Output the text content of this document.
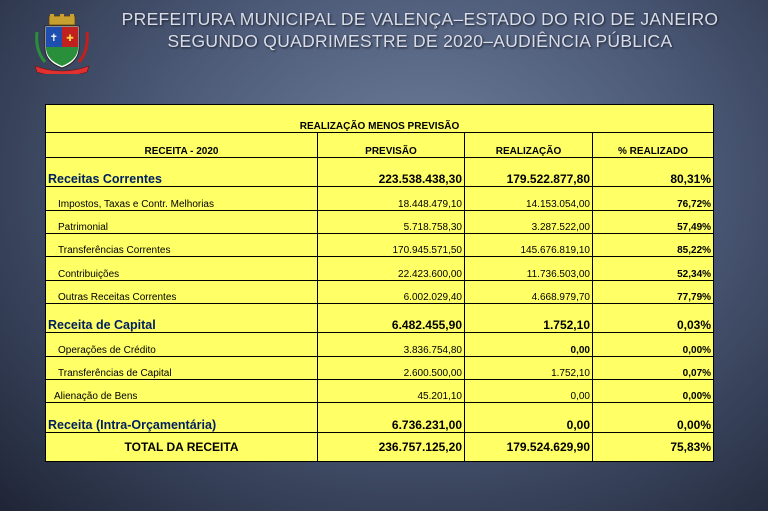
✝ ✚
PREFEITURA MUNICIPAL DE VALENÇA–ESTADO DO RIO DE JANEIRO
SEGUNDO QUADRIMESTRE DE 2020–AUDIÊNCIA PÚBLICA
REALIZAÇÃO MENOS PREVISÃO			
RECEITA - 2020	PREVISÃO	REALIZAÇÃO	% REALIZADO
Receitas Correntes	223.538.438,30	179.522.877,80	80,31%
Impostos, Taxas e Contr. Melhorias	18.448.479,10	14.153.054,00	76,72%
Patrimonial	5.718.758,30	3.287.522,00	57,49%
Transferências Correntes	170.945.571,50	145.676.819,10	85,22%
Contribuições	22.423.600,00	11.736.503,00	52,34%
Outras Receitas Correntes	6.002.029,40	4.668.979,70	77,79%
Receita de Capital	6.482.455,90	1.752,10	0,03%
Operações de Crédito	3.836.754,80	0,00	0,00%
Transferências de Capital	2.600.500,00	1.752,10	0,07%
Alienação de Bens	45.201,10	0,00	0,00%
Receita (Intra-Orçamentária)	6.736.231,00	0,00	0,00%
TOTAL DA RECEITA	236.757.125,20	179.524.629,90	75,83%
